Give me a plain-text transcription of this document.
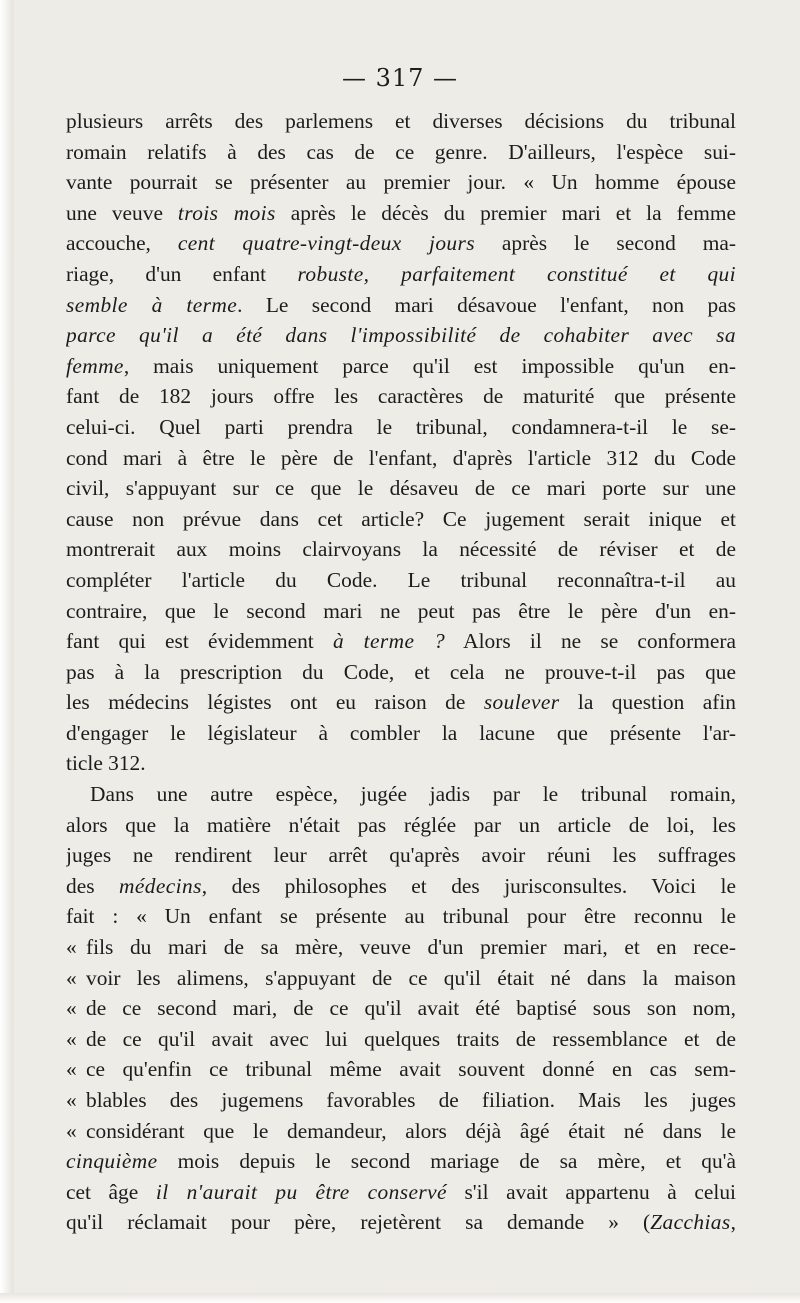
— 317 —
plusieurs arrêts des parlemens et diverses décisions du tribunal
romain relatifs à des cas de ce genre. D'ailleurs, l'espèce sui-
vante pourrait se présenter au premier jour. « Un homme épouse
une veuve trois mois après le décès du premier mari et la femme
accouche, cent quatre-vingt-deux jours après le second ma-
riage, d'un enfant robuste, parfaitement constitué et qui
semble à terme. Le second mari désavoue l'enfant, non pas
parce qu'il a été dans l'impossibilité de cohabiter avec sa
femme, mais uniquement parce qu'il est impossible qu'un en-
fant de 182 jours offre les caractères de maturité que présente
celui-ci. Quel parti prendra le tribunal, condamnera-t-il le se-
cond mari à être le père de l'enfant, d'après l'article 312 du Code
civil, s'appuyant sur ce que le désaveu de ce mari porte sur une
cause non prévue dans cet article? Ce jugement serait inique et
montrerait aux moins clairvoyans la nécessité de réviser et de
compléter l'article du Code. Le tribunal reconnaîtra-t-il au
contraire, que le second mari ne peut pas être le père d'un en-
fant qui est évidemment à terme ? Alors il ne se conformera
pas à la prescription du Code, et cela ne prouve-t-il pas que
les médecins légistes ont eu raison de soulever la question afin
d'engager le législateur à combler la lacune que présente l'ar-
ticle 312.
Dans une autre espèce, jugée jadis par le tribunal romain,
alors que la matière n'était pas réglée par un article de loi, les
juges ne rendirent leur arrêt qu'après avoir réuni les suffrages
des médecins, des philosophes et des jurisconsultes. Voici le
fait : « Un enfant se présente au tribunal pour être reconnu le
« fils du mari de sa mère, veuve d'un premier mari, et en rece-
« voir les alimens, s'appuyant de ce qu'il était né dans la maison
« de ce second mari, de ce qu'il avait été baptisé sous son nom,
« de ce qu'il avait avec lui quelques traits de ressemblance et de
« ce qu'enfin ce tribunal même avait souvent donné en cas sem-
« blables des jugemens favorables de filiation. Mais les juges
« considérant que le demandeur, alors déjà âgé était né dans le
cinquième mois depuis le second mariage de sa mère, et qu'à
cet âge il n'aurait pu être conservé s'il avait appartenu à celui
qu'il réclamait pour père, rejetèrent sa demande » (Zacchias,
